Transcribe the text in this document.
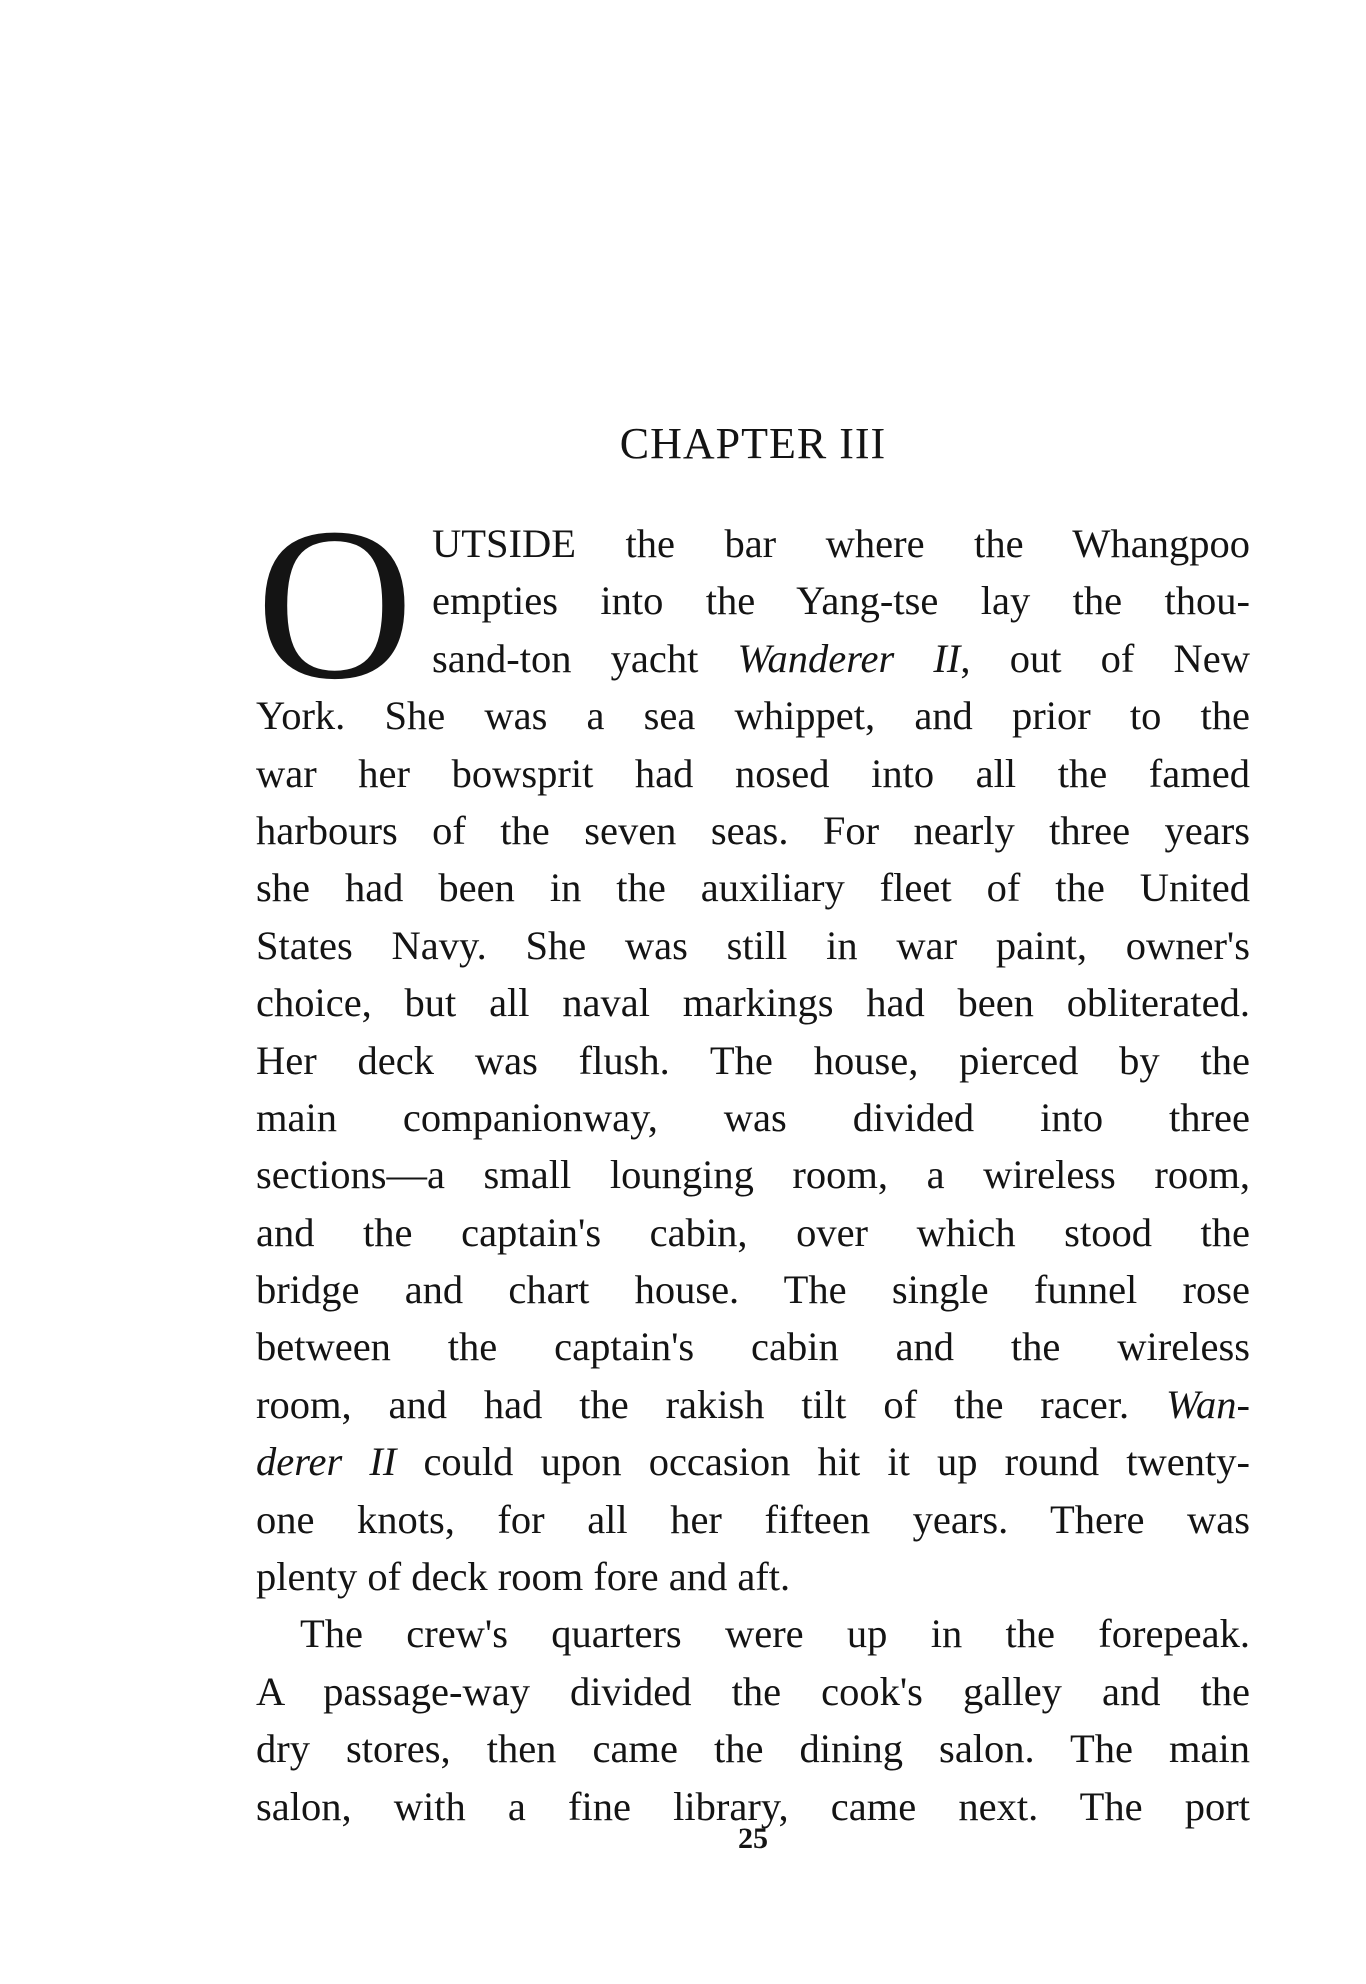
CHAPTER III
O UTSIDE the bar where the Whangpoo
empties into the Yang-tse lay the thou-
sand-ton yacht Wanderer II, out of New
York. She was a sea whippet, and prior to the
war her bowsprit had nosed into all the famed
harbours of the seven seas. For nearly three years
she had been in the auxiliary fleet of the United
States Navy. She was still in war paint, owner's
choice, but all naval markings had been obliterated.
Her deck was flush. The house, pierced by the
main companionway, was divided into three
sections—a small lounging room, a wireless room,
and the captain's cabin, over which stood the
bridge and chart house. The single funnel rose
between the captain's cabin and the wireless
room, and had the rakish tilt of the racer. Wan-
derer II could upon occasion hit it up round twenty-
one knots, for all her fifteen years. There was
plenty of deck room fore and aft.
The crew's quarters were up in the forepeak.
A passage-way divided the cook's galley and the
dry stores, then came the dining salon. The main
salon, with a fine library, came next. The port
25
